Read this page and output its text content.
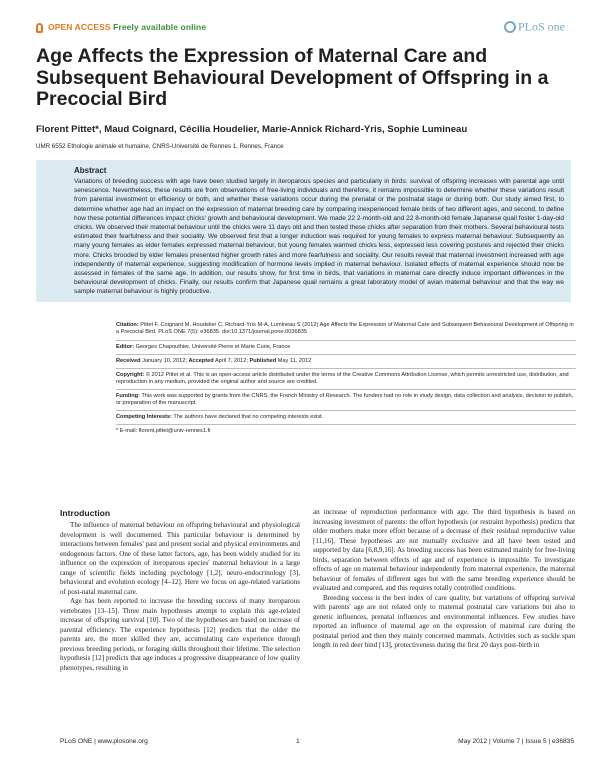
OPEN ACCESS Freely available online	PLoS one
Age Affects the Expression of Maternal Care and Subsequent Behavioural Development of Offspring in a Precocial Bird
Florent Pittet*, Maud Coignard, Cécilia Houdelier, Marie-Annick Richard-Yris, Sophie Lumineau
UMR 6552 Ethologie animale et humaine, CNRS-Université de Rennes 1, Rennes, France
Abstract
Variations of breeding success with age have been studied largely in iteroparous species and particularly in birds: survival of offspring increases with parental age until senescence. Nevertheless, these results are from observations of free-living individuals and therefore, it remains impossible to determine whether these variations result from parental investment or efficiency or both, and whether these variations occur during the prenatal or the postnatal stage or during both. Our study aimed first, to determine whether age had an impact on the expression of maternal breeding care by comparing inexperienced female birds of two different ages, and second, to define how these potential differences impact chicks' growth and behavioural development. We made 22 2-month-old and 22 8-month-old female Japanese quail foster 1-day-old chicks. We observed their maternal behaviour until the chicks were 11 days old and then tested these chicks after separation from their mothers. Several behavioural tests estimated their fearfulness and their sociality. We observed first that a longer induction was required for young females to express maternal behaviour. Subsequently as many young females as elder females expressed maternal behaviour, but young females warmed chicks less, expressed less covering postures and rejected their chicks more. Chicks brooded by elder females presented higher growth rates and more fearfulness and sociality. Our results reveal that maternal investment increased with age independently of maternal experience, suggesting modification of hormone levels implied in maternal behaviour. Isolated effects of maternal experience should now be assessed in females of the same age. In addition, our results show, for first time in birds, that variations in maternal care directly induce important differences in the behavioural development of chicks. Finally, our results confirm that Japanese quail remains a great laboratory model of avian maternal behaviour and that the way we sample maternal behaviour is highly productive.
Citation: Pittet F, Coignard M, Houdelier C, Richard-Yris M-A, Lumineau S (2012) Age Affects the Expression of Maternal Care and Subsequent Behavioural Development of Offspring in a Precocial Bird. PLoS ONE 7(5): e36835. doi:10.1371/journal.pone.0036835
Editor: Georges Chapouthier, Université Pierre et Marie Curie, France
Received January 10, 2012; Accepted April 7, 2012; Published May 11, 2012
Copyright: © 2012 Pittet et al. This is an open-access article distributed under the terms of the Creative Commons Attribution License, which permits unrestricted use, distribution, and reproduction in any medium, provided the original author and source are credited.
Funding: This work was supported by grants from the CNRS, the French Ministry of Research. The funders had no role in study design, data collection and analysis, decision to publish, or preparation of the manuscript.
Competing Interests: The authors have declared that no competing interests exist.
* E-mail: florent.pittet@univ-rennes1.fr
Introduction

The influence of maternal behaviour on offspring behavioural and physiological development is well documented. This particular behaviour is determined by interactions between females' past and present social and physical environments and endogenous factors. One of these latter factors, age, has been widely studied for its influence on the expression of iteroparous species' maternal behaviour in a large range of scientific fields including psychology [1,2], neuro-endocrinology [3], behavioural and evolution ecology [4–12]. Here we focus on age-related variations of post-natal maternal care.

Age has been reported to increase the breeding success of many iteroparous vertebrates [13–15]. Three main hypotheses attempt to explain this age-related increase of offspring survival [10]. Two of the hypotheses are based on increase of parental efficiency. The experience hypothesis [12] predicts that the older the parents are, the more skilled they are, accumulating care experience through previous breeding periods, or foraging skills throughout their lifetime. The selection hypothesis [12] predicts that age induces a progressive disappearance of low quality phenotypes, resulting in

an increase of reproduction performance with age. The third hypothesis is based on increasing investment of parents: the effort hypothesis (or restraint hypothesis) predicts that older mothers make more effort because of a decrease of their residual reproductive value [11,16]. These hypotheses are not mutually exclusive and all have been tested and supported by data [6,8,9,16]. As breeding success has been estimated mainly for free-living birds, separation between effects of age and of experience is impossible. To investigate effects of age on maternal behaviour independently from maternal experience, the maternal behaviour of females of different ages but with the same breeding experience should be evaluated and compared, and this requires totally controlled conditions.

Breeding success is the best index of care quality, but variations of offspring survival with parents' age are not related only to maternal postnatal care variations but also to genetic influences, prenatal influences and environmental influences. Few studies have reported an influence of maternal age on the expression of maternal care during the postnatal period and then they mainly concerned mammals. Activities such as suckle span length in red deer hind [13], protectiveness during the first 20 days post-birth in

PLoS ONE | www.plosone.org	1	May 2012 | Volume 7 | Issue 5 | e36835
